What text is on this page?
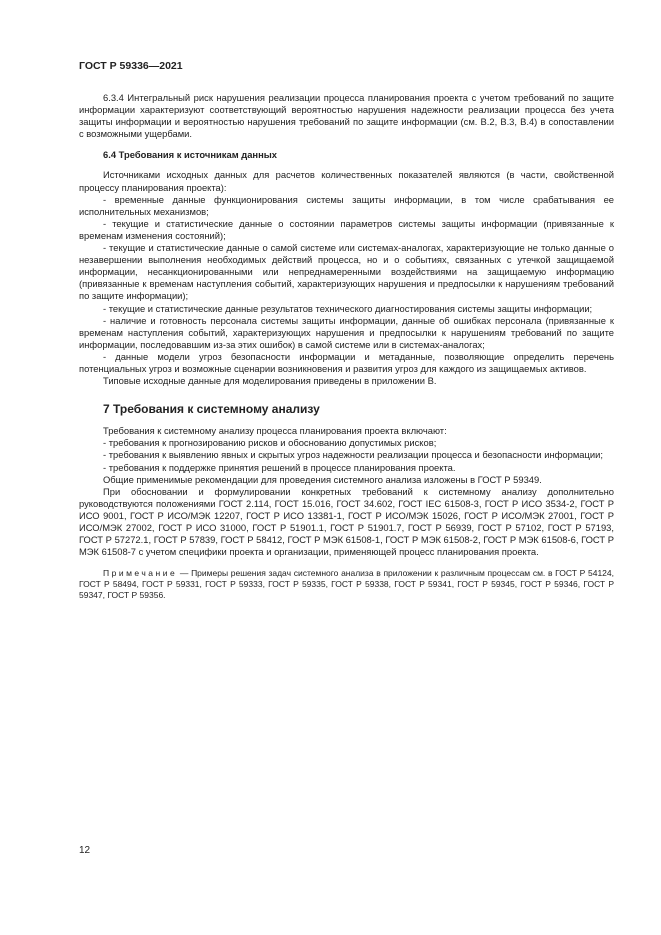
ГОСТ Р 59336—2021

6.3.4 Интегральный риск нарушения реализации процесса планирования проекта с учетом требований по защите информации характеризуют соответствующий вероятностью нарушения надежности реализации процесса без учета защиты информации и вероятностью нарушения требований по защите информации (см. В.2, В.3, В.4) в сопоставлении с возможными ущербами.

6.4 Требования к источникам данных

Источниками исходных данных для расчетов количественных показателей являются (в части, свойственной процессу планирования проекта):

- временные данные функционирования системы защиты информации, в том числе срабатывания ее исполнительных механизмов;

- текущие и статистические данные о состоянии параметров системы защиты информации (привязанные к временам изменения состояний);

- текущие и статистические данные о самой системе или системах-аналогах, характеризующие не только данные о незавершении выполнения необходимых действий процесса, но и о событиях, связанных с утечкой защищаемой информации, несанкционированными или непреднамеренными воздействиями на защищаемую информацию (привязанные к временам наступления событий, характеризующих нарушения и предпосылки к нарушениям требований по защите информации);

- текущие и статистические данные результатов технического диагностирования системы защиты информации;

- наличие и готовность персонала системы защиты информации, данные об ошибках персонала (привязанные к временам наступления событий, характеризующих нарушения и предпосылки к нарушениям требований по защите информации, последовавшим из-за этих ошибок) в самой системе или в системах-аналогах;

- данные модели угроз безопасности информации и метаданные, позволяющие определить перечень потенциальных угроз и возможные сценарии возникновения и развития угроз для каждого из защищаемых активов.

Типовые исходные данные для моделирования приведены в приложении В.

7 Требования к системному анализу

Требования к системному анализу процесса планирования проекта включают:

- требования к прогнозированию рисков и обоснованию допустимых рисков;

- требования к выявлению явных и скрытых угроз надежности реализации процесса и безопасности информации;

- требования к поддержке принятия решений в процессе планирования проекта.

Общие применимые рекомендации для проведения системного анализа изложены в ГОСТ Р 59349.

При обосновании и формулировании конкретных требований к системному анализу дополнительно руководствуются положениями ГОСТ 2.114, ГОСТ 15.016, ГОСТ 34.602, ГОСТ IEC 61508-3, ГОСТ Р ИСО 3534-2, ГОСТ Р ИСО 9001, ГОСТ Р ИСО/МЭК 12207, ГОСТ Р ИСО 13381-1, ГОСТ Р ИСО/МЭК 15026, ГОСТ Р ИСО/МЭК 27001, ГОСТ Р ИСО/МЭК 27002, ГОСТ Р ИСО 31000, ГОСТ Р 51901.1, ГОСТ Р 51901.7, ГОСТ Р 56939, ГОСТ Р 57102, ГОСТ Р 57193, ГОСТ Р 57272.1, ГОСТ Р 57839, ГОСТ Р 58412, ГОСТ Р МЭК 61508-1, ГОСТ Р МЭК 61508-2, ГОСТ Р МЭК 61508-6, ГОСТ Р МЭК 61508-7 с учетом специфики проекта и организации, применяющей процесс планирования проекта.

Примечание — Примеры решения задач системного анализа в приложении к различным процессам см. в ГОСТ Р 54124, ГОСТ Р 58494, ГОСТ Р 59331, ГОСТ Р 59333, ГОСТ Р 59335, ГОСТ Р 59338, ГОСТ Р 59341, ГОСТ Р 59345, ГОСТ Р 59346, ГОСТ Р 59347, ГОСТ Р 59356.
12
